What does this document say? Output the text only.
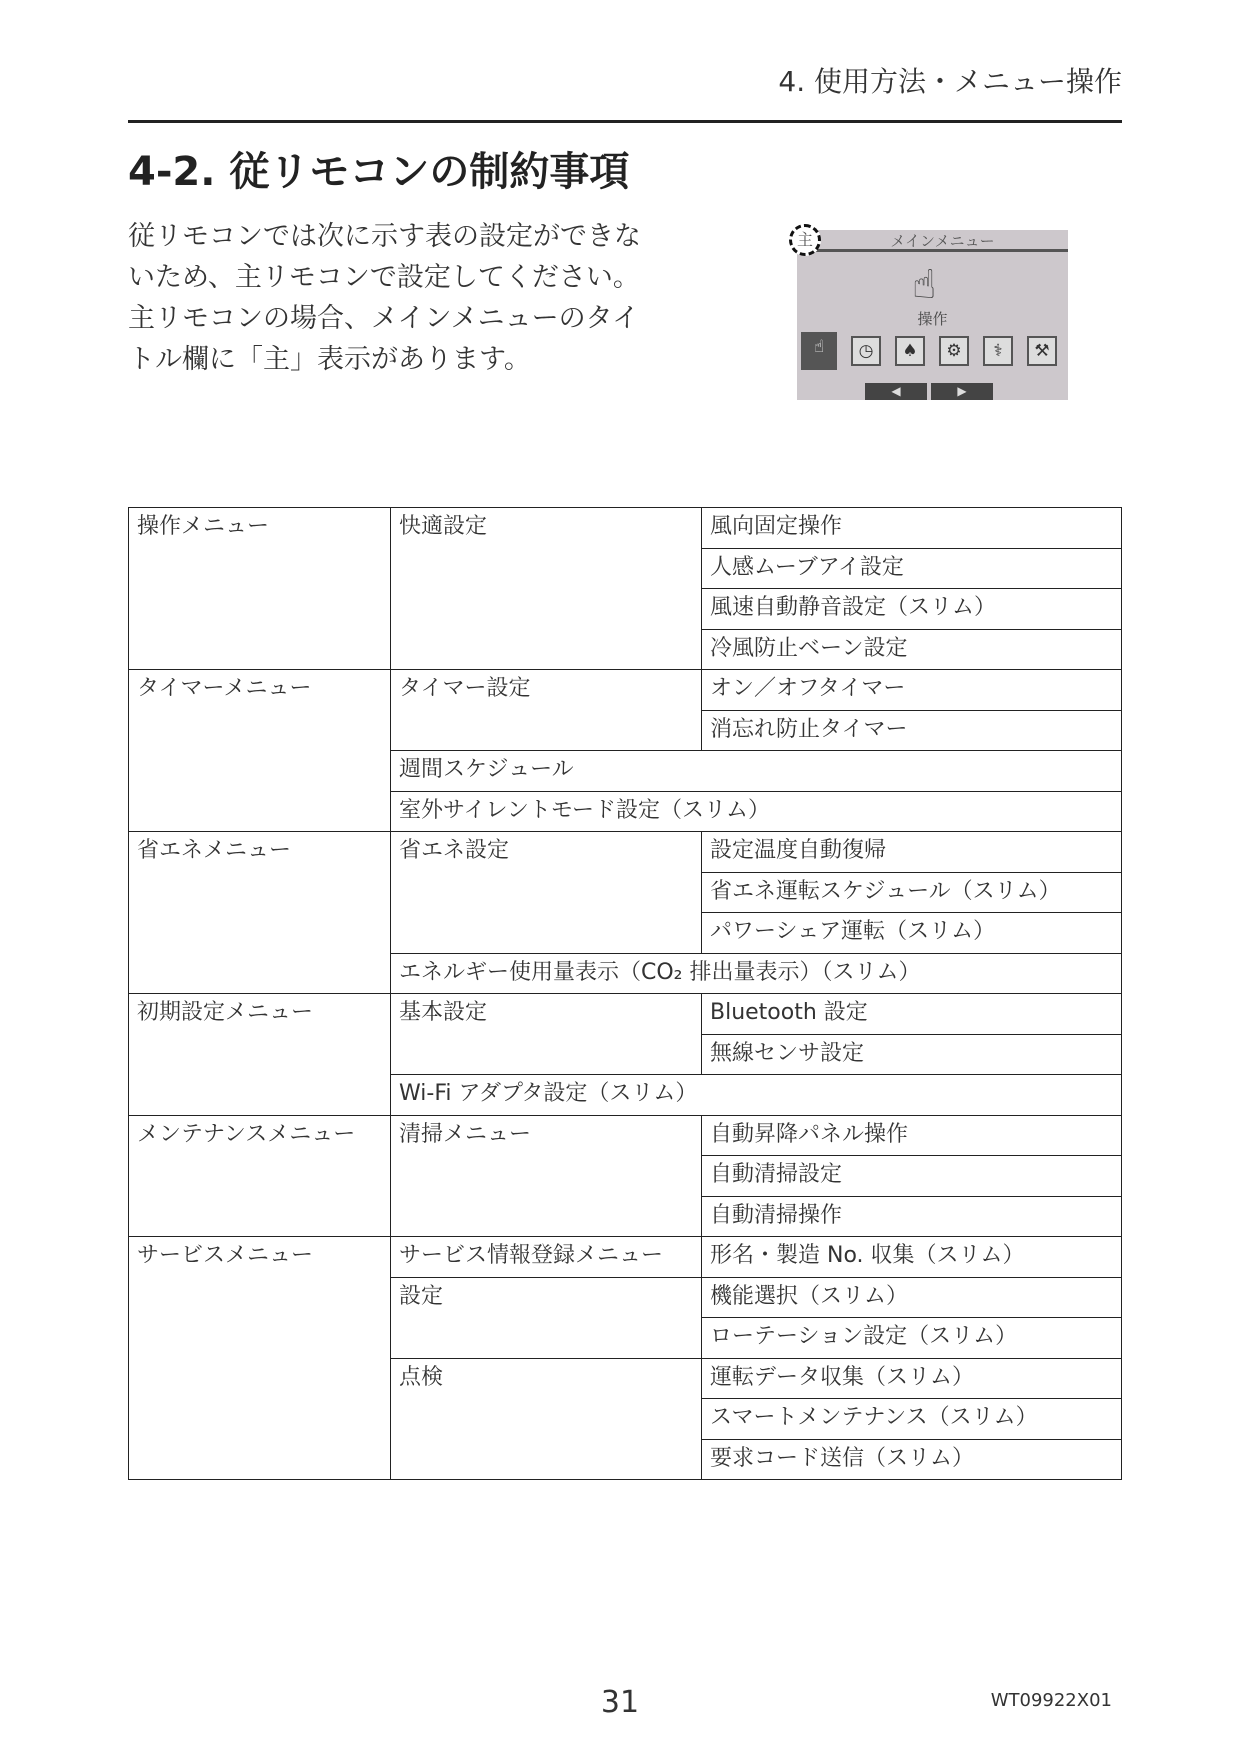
4. 使用方法・メニュー操作
4-2. 従リモコンの制約事項

従リモコンでは次に示す表の設定ができないため、主リモコンで設定してください。

主リモコンの場合、メインメニューのタイトル欄に「主」表示があります。

メインメニュー
主
☝
操作
☝	◷	♠	⚙	⚕	⚒
◀	▶
操作メニュー	快適設定	風向固定操作
		人感ムーブアイ設定
		風速自動静音設定（スリム）
		冷風防止ベーン設定
タイマーメニュー	タイマー設定	オン／オフタイマー
		消忘れ防止タイマー
	週間スケジュール	
	室外サイレントモード設定（スリム）	
省エネメニュー	省エネ設定	設定温度自動復帰
		省エネ運転スケジュール（スリム）
		パワーシェア運転（スリム）
	エネルギー使用量表示（CO₂ 排出量表示）（スリム）	
初期設定メニュー	基本設定	Bluetooth 設定
		無線センサ設定
	Wi-Fi アダプタ設定（スリム）	
メンテナンスメニュー	清掃メニュー	自動昇降パネル操作
		自動清掃設定
		自動清掃操作
サービスメニュー	サービス情報登録メニュー	形名・製造 No. 収集（スリム）
	設定	機能選択（スリム）
		ローテーション設定（スリム）
	点検	運転データ収集（スリム）
		スマートメンテナンス（スリム）
		要求コード送信（スリム）
31	WT09922X01
